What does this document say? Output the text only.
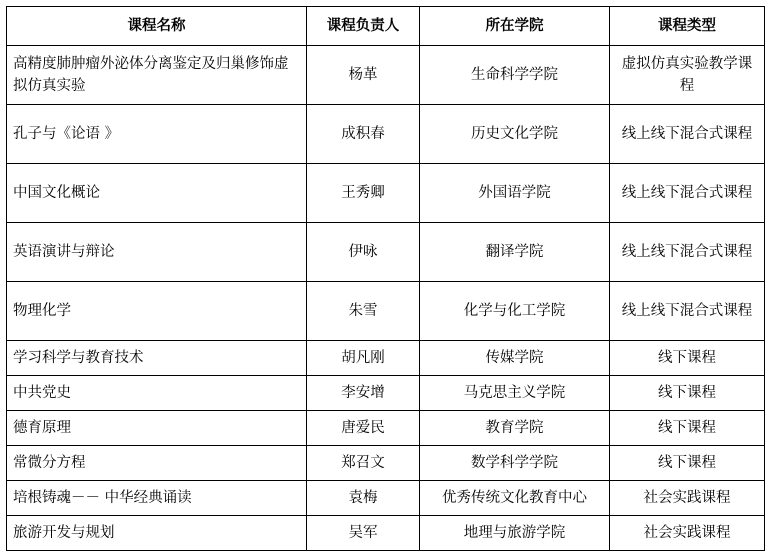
课程名称	课程负责人	所在学院	课程类型
高精度肺肿瘤外泌体分离鉴定及归巢修饰虚拟仿真实验	杨革	生命科学学院	虚拟仿真实验教学课程
孔子与《论语 》	成积春	历史文化学院	线上线下混合式课程
中国文化概论	王秀卿	外国语学院	线上线下混合式课程
英语演讲与辩论	伊咏	翻译学院	线上线下混合式课程
物理化学	朱雪	化学与化工学院	线上线下混合式课程
学习科学与教育技术	胡凡刚	传媒学院	线下课程
中共党史	李安增	马克思主义学院	线下课程
德育原理	唐爱民	教育学院	线下课程
常微分方程	郑召文	数学科学学院	线下课程
培根铸魂－－ 中华经典诵读	袁梅	优秀传统文化教育中心	社会实践课程
旅游开发与规划	吴军	地理与旅游学院	社会实践课程
